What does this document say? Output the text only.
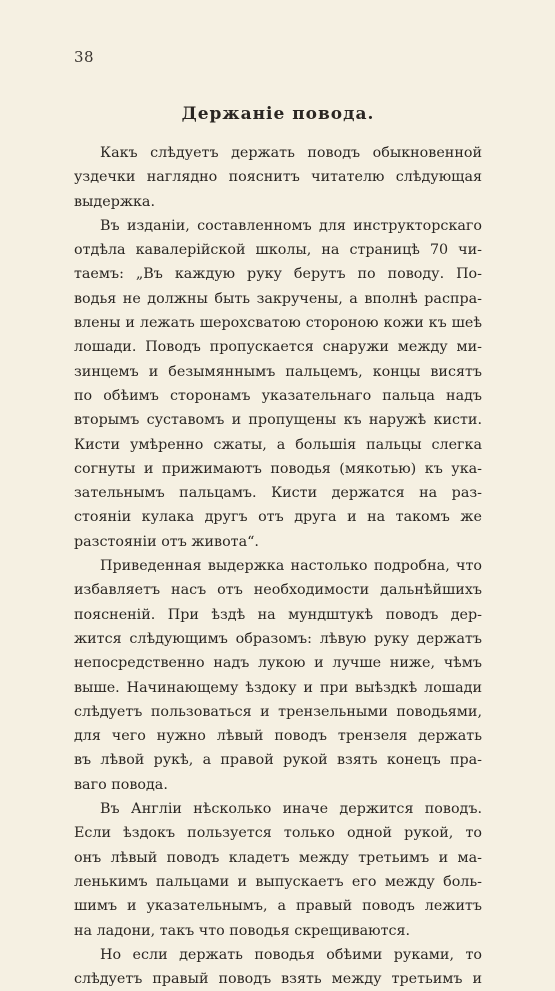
38
Держаніе повода.
Какъ слѣдуетъ держать поводъ обыкновенной
уздечки наглядно пояснитъ читателю слѣдующая
выдержка.
Въ изданіи, составленномъ для инструкторскаго
отдѣла кавалерійской школы, на страницѣ 70 чи-
таемъ: „Въ каждую руку берутъ по поводу. По-
водья не должны быть закручены, а вполнѣ распра-
влены и лежать шерохсватою стороною кожи къ шеѣ
лошади. Поводъ пропускается снаружи между ми-
зинцемъ и безымяннымъ пальцемъ, концы висятъ
по обѣимъ сторонамъ указательнаго пальца надъ
вторымъ суставомъ и пропущены къ наружѣ кисти.
Кисти умѣренно сжаты, а большія пальцы слегка
согнуты и прижимаютъ поводья (мякотью) къ ука-
зательнымъ пальцамъ. Кисти держатся на раз-
стояніи кулака другъ отъ друга и на такомъ же
разстояніи отъ живота“.
Приведенная выдержка настолько подробна, что
избавляетъ насъ отъ необходимости дальнѣйшихъ
поясненій. При ѣздѣ на мундштукѣ поводъ дер-
жится слѣдующимъ образомъ: лѣвую руку держатъ
непосредственно надъ лукою и лучше ниже, чѣмъ
выше. Начинающему ѣздоку и при выѣздкѣ лошади
слѣдуетъ пользоваться и трензельными поводьями,
для чего нужно лѣвый поводъ трензеля держать
въ лѣвой рукѣ, а правой рукой взять конецъ пра-
ваго повода.
Въ Англіи нѣсколько иначе держится поводъ.
Если ѣздокъ пользуется только одной рукой, то
онъ лѣвый поводъ кладетъ между третьимъ и ма-
ленькимъ пальцами и выпускаетъ его между боль-
шимъ и указательнымъ, а правый поводъ лежитъ
на ладони, такъ что поводья скрещиваются.
Но если держать поводья обѣими руками, то
слѣдуетъ правый поводъ взять между третьимъ и
